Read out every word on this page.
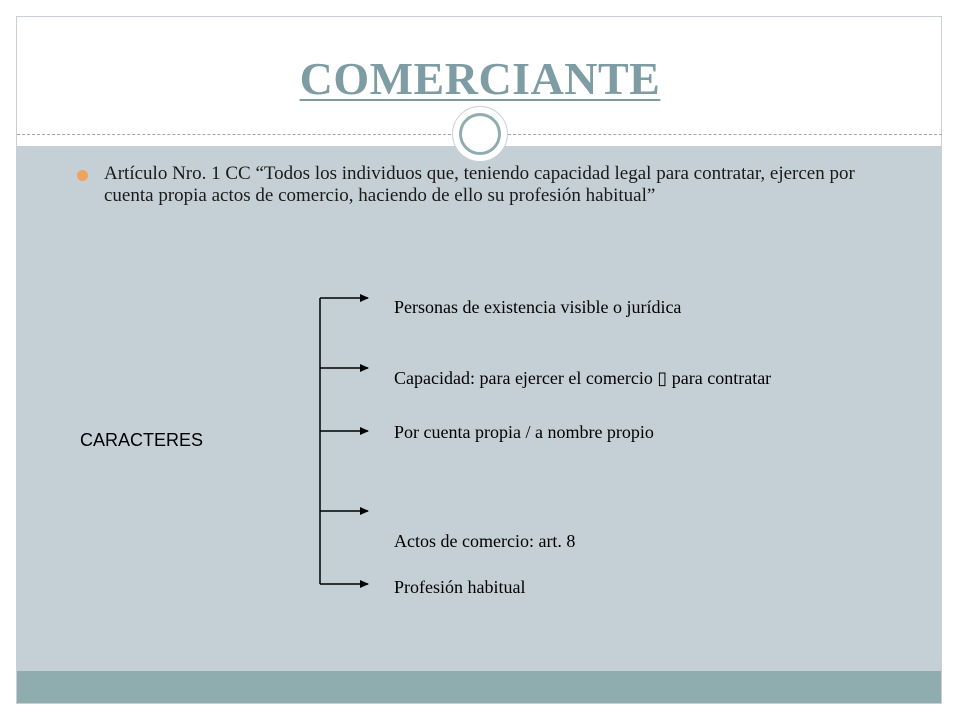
COMERCIANTE

Artículo Nro. 1 CC “Todos los individuos que, teniendo capacidad legal para contratar, ejercen por cuenta propia actos de comercio, haciendo de ello su profesión habitual”

CARACTERES
Personas de existencia visible o jurídica
Capacidad: para ejercer el comercio ▯ para contratar
Por cuenta propia / a nombre propio
Actos de comercio: art. 8
Profesión habitual
